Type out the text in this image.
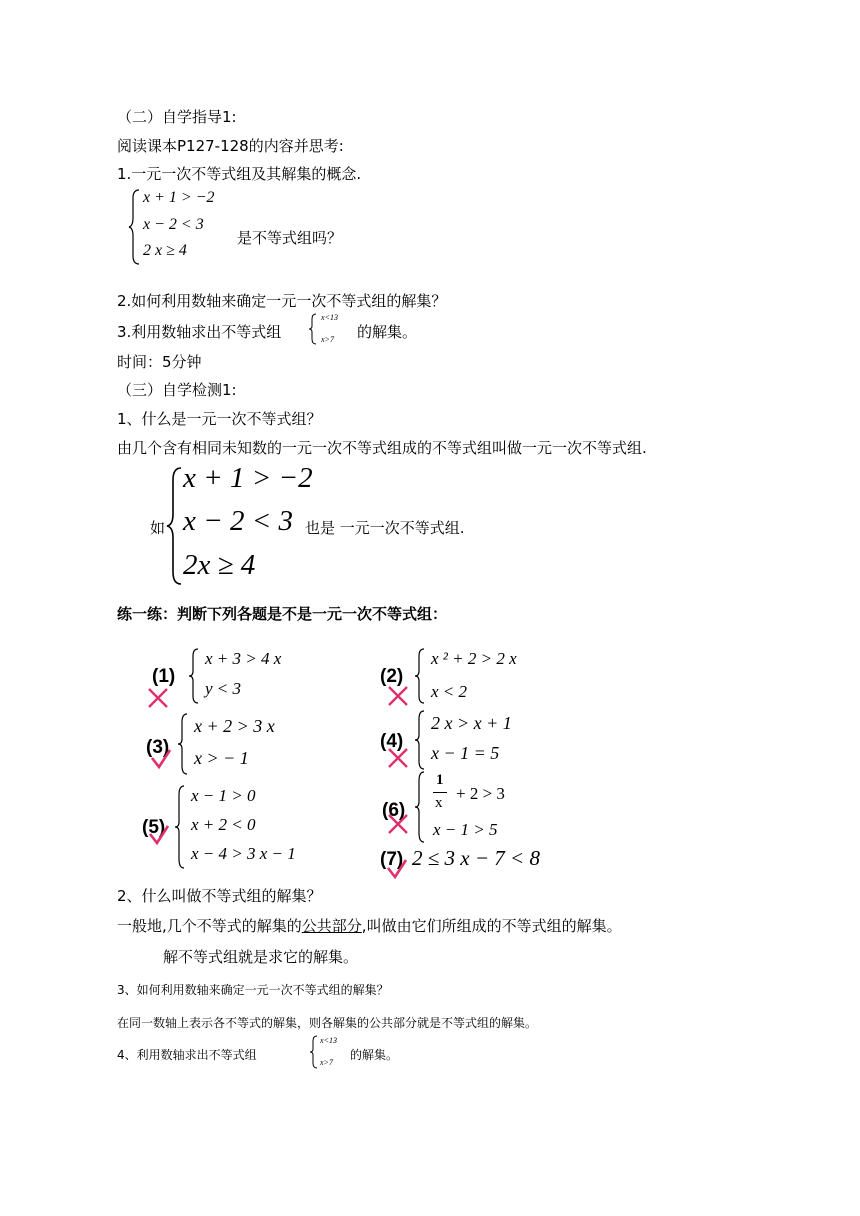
（二）自学指导1:
阅读课本P127-128的内容并思考:
1.一元一次不等式组及其解集的概念.
x + 1 > −2
x − 2 < 3
2 x ≥ 4
是不等式组吗？
2.如何利用数轴来确定一元一次不等式组的解集？
3.利用数轴求出不等式组
x<13
x>7 的解集。
时间：5分钟
（三）自学检测1:
1、什么是一元一次不等式组？
由几个含有相同未知数的一元一次不等式组成的不等式组叫做一元一次不等式组.
如
x + 1 > −2
x − 2 < 3
2x ≥ 4
也是 一元一次不等式组.
练一练：判断下列各题是不是一元一次不等式组：
(1)
x + 3 > 4 x
y < 3
(2)
x ² + 2 > 2 x
x < 2
(3)
x + 2 > 3 x
x > − 1
(4)
2 x > x + 1
x − 1 = 5
(5)
x − 1 > 0
x + 2 < 0
x − 4 > 3 x − 1
(6)
1
x + 2 > 3
x − 1 > 5
(7) 2 ≤ 3 x − 7 < 8
2、什么叫做不等式组的解集？
一般地,几个不等式的解集的公共部分,叫做由它们所组成的不等式组的解集。
解不等式组就是求它的解集。
3、如何利用数轴来确定一元一次不等式组的解集？
在同一数轴上表示各不等式的解集，则各解集的公共部分就是不等式组的解集。
4、利用数轴求出不等式组
x<13
x>7
的解集。
